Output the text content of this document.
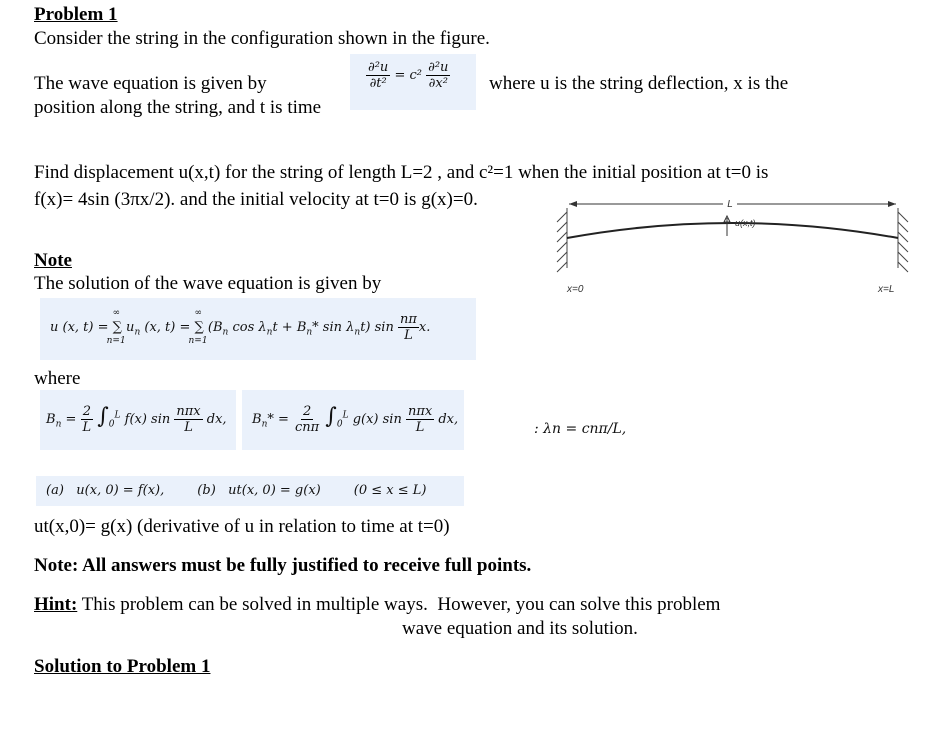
Problem 1
Consider the string in the configuration shown in the figure.
The wave equation is given by	$\frac{\text{∂²u}}{\text{∂t²}} = c^2 \frac{\text{∂²u}}{\text{∂x²}}$ where u is the string deflection, x is the
position along the string, and t is time
Find displacement u(x,t) for the string of length L=2 , and c²=1 when the initial position at t=0 is
f(x)= 4sin (3πx/2). and the initial velocity at t=0 is g(x)=0.	L
u(x,t)
x=0	x=L
Note
The solution of the wave equation is given by
u (x, t) = ∑
∞
n=1
$u_n$ (x, t) = ∑
∞
n=1
($B_n$ $\cos \lambda_nt + B_n*$ $\sin \lambda_nt$) $\sin \frac{n\pi}{L} x$.
where
$B_n = \frac{2}{L} \int_0^L$ f(x) $\sin \frac{\text{nπx}}{L}$ dx, $B_n* = \frac{2}{\text{cnπ}} \int_0^L$ g(x) $\sin \frac{\text{nπx}}{L}$ dx,
: λn = cnπ/L,
(a)   u(x, 0) = f(x),        (b)   ut(x, 0) = g(x)        (0 ≤ x ≤ L)
ut(x,0)= g(x) (derivative of u in relation to time at t=0)
Note: All answers must be fully justified to receive full points.
Hint: This problem can be solved in multiple ways.  However, you can solve this problem
wave equation and its solution.
Solution to Problem 1
